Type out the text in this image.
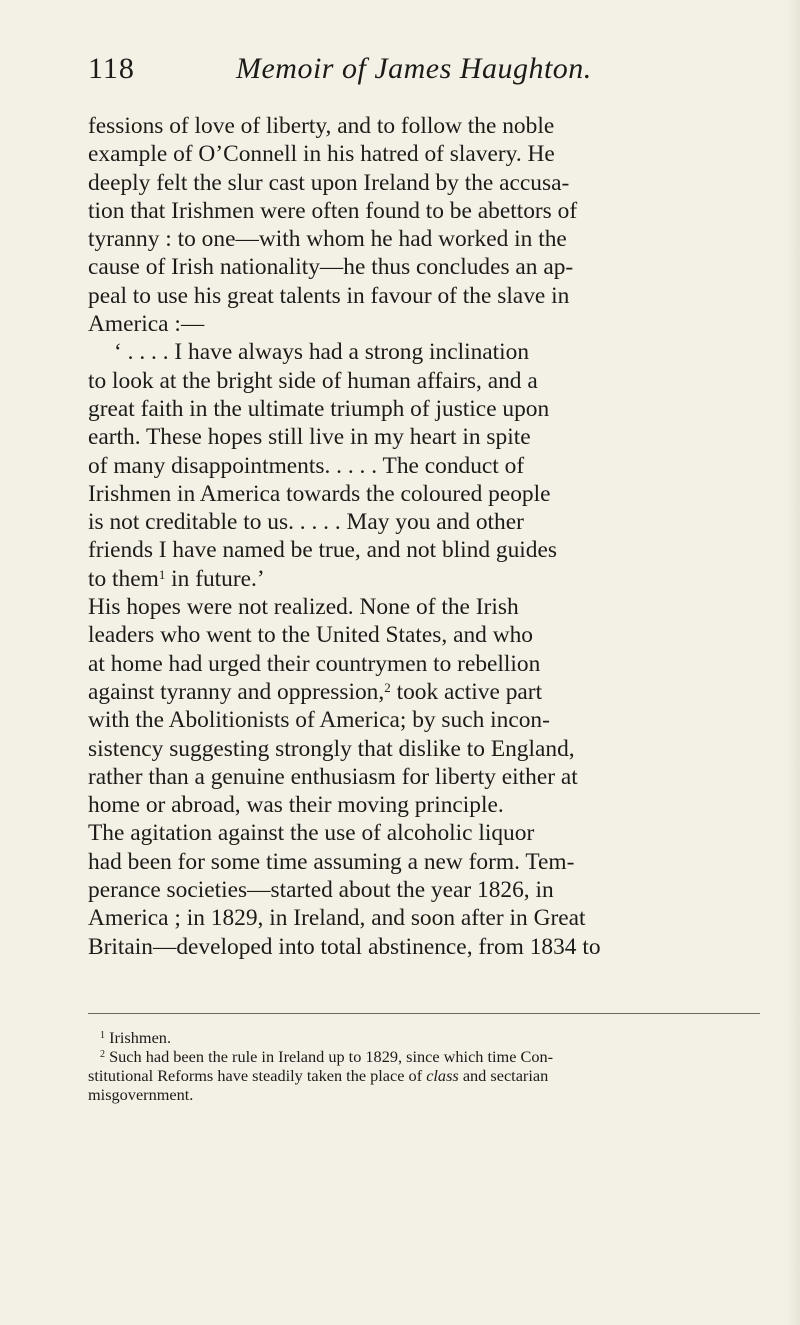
118	Memoir of James Haughton.
fessions of love of liberty, and to follow the noble
example of O’Connell in his hatred of slavery. He
deeply felt the slur cast upon Ireland by the accusa-
tion that Irishmen were often found to be abettors of
tyranny : to one—with whom he had worked in the
cause of Irish nationality—he thus concludes an ap-
peal to use his great talents in favour of the slave in
America :—
‘ . . . . I have always had a strong inclination
to look at the bright side of human affairs, and a
great faith in the ultimate triumph of justice upon
earth. These hopes still live in my heart in spite
of many disappointments. . . . . The conduct of
Irishmen in America towards the coloured people
is not creditable to us. . . . . May you and other
friends I have named be true, and not blind guides
to them$^1$ in future.’
His hopes were not realized. None of the Irish
leaders who went to the United States, and who
at home had urged their countrymen to rebellion
against tyranny and oppression,$^2$ took active part
with the Abolitionists of America; by such incon-
sistency suggesting strongly that dislike to England,
rather than a genuine enthusiasm for liberty either at
home or abroad, was their moving principle.
The agitation against the use of alcoholic liquor
had been for some time assuming a new form. Tem-
perance societies—started about the year 1826, in
America ; in 1829, in Ireland, and soon after in Great
Britain—developed into total abstinence, from 1834 to
$^1$ Irishmen.
$^2$ Such had been the rule in Ireland up to 1829, since which time Con-
stitutional Reforms have steadily taken the place of class and sectarian
misgovernment.
